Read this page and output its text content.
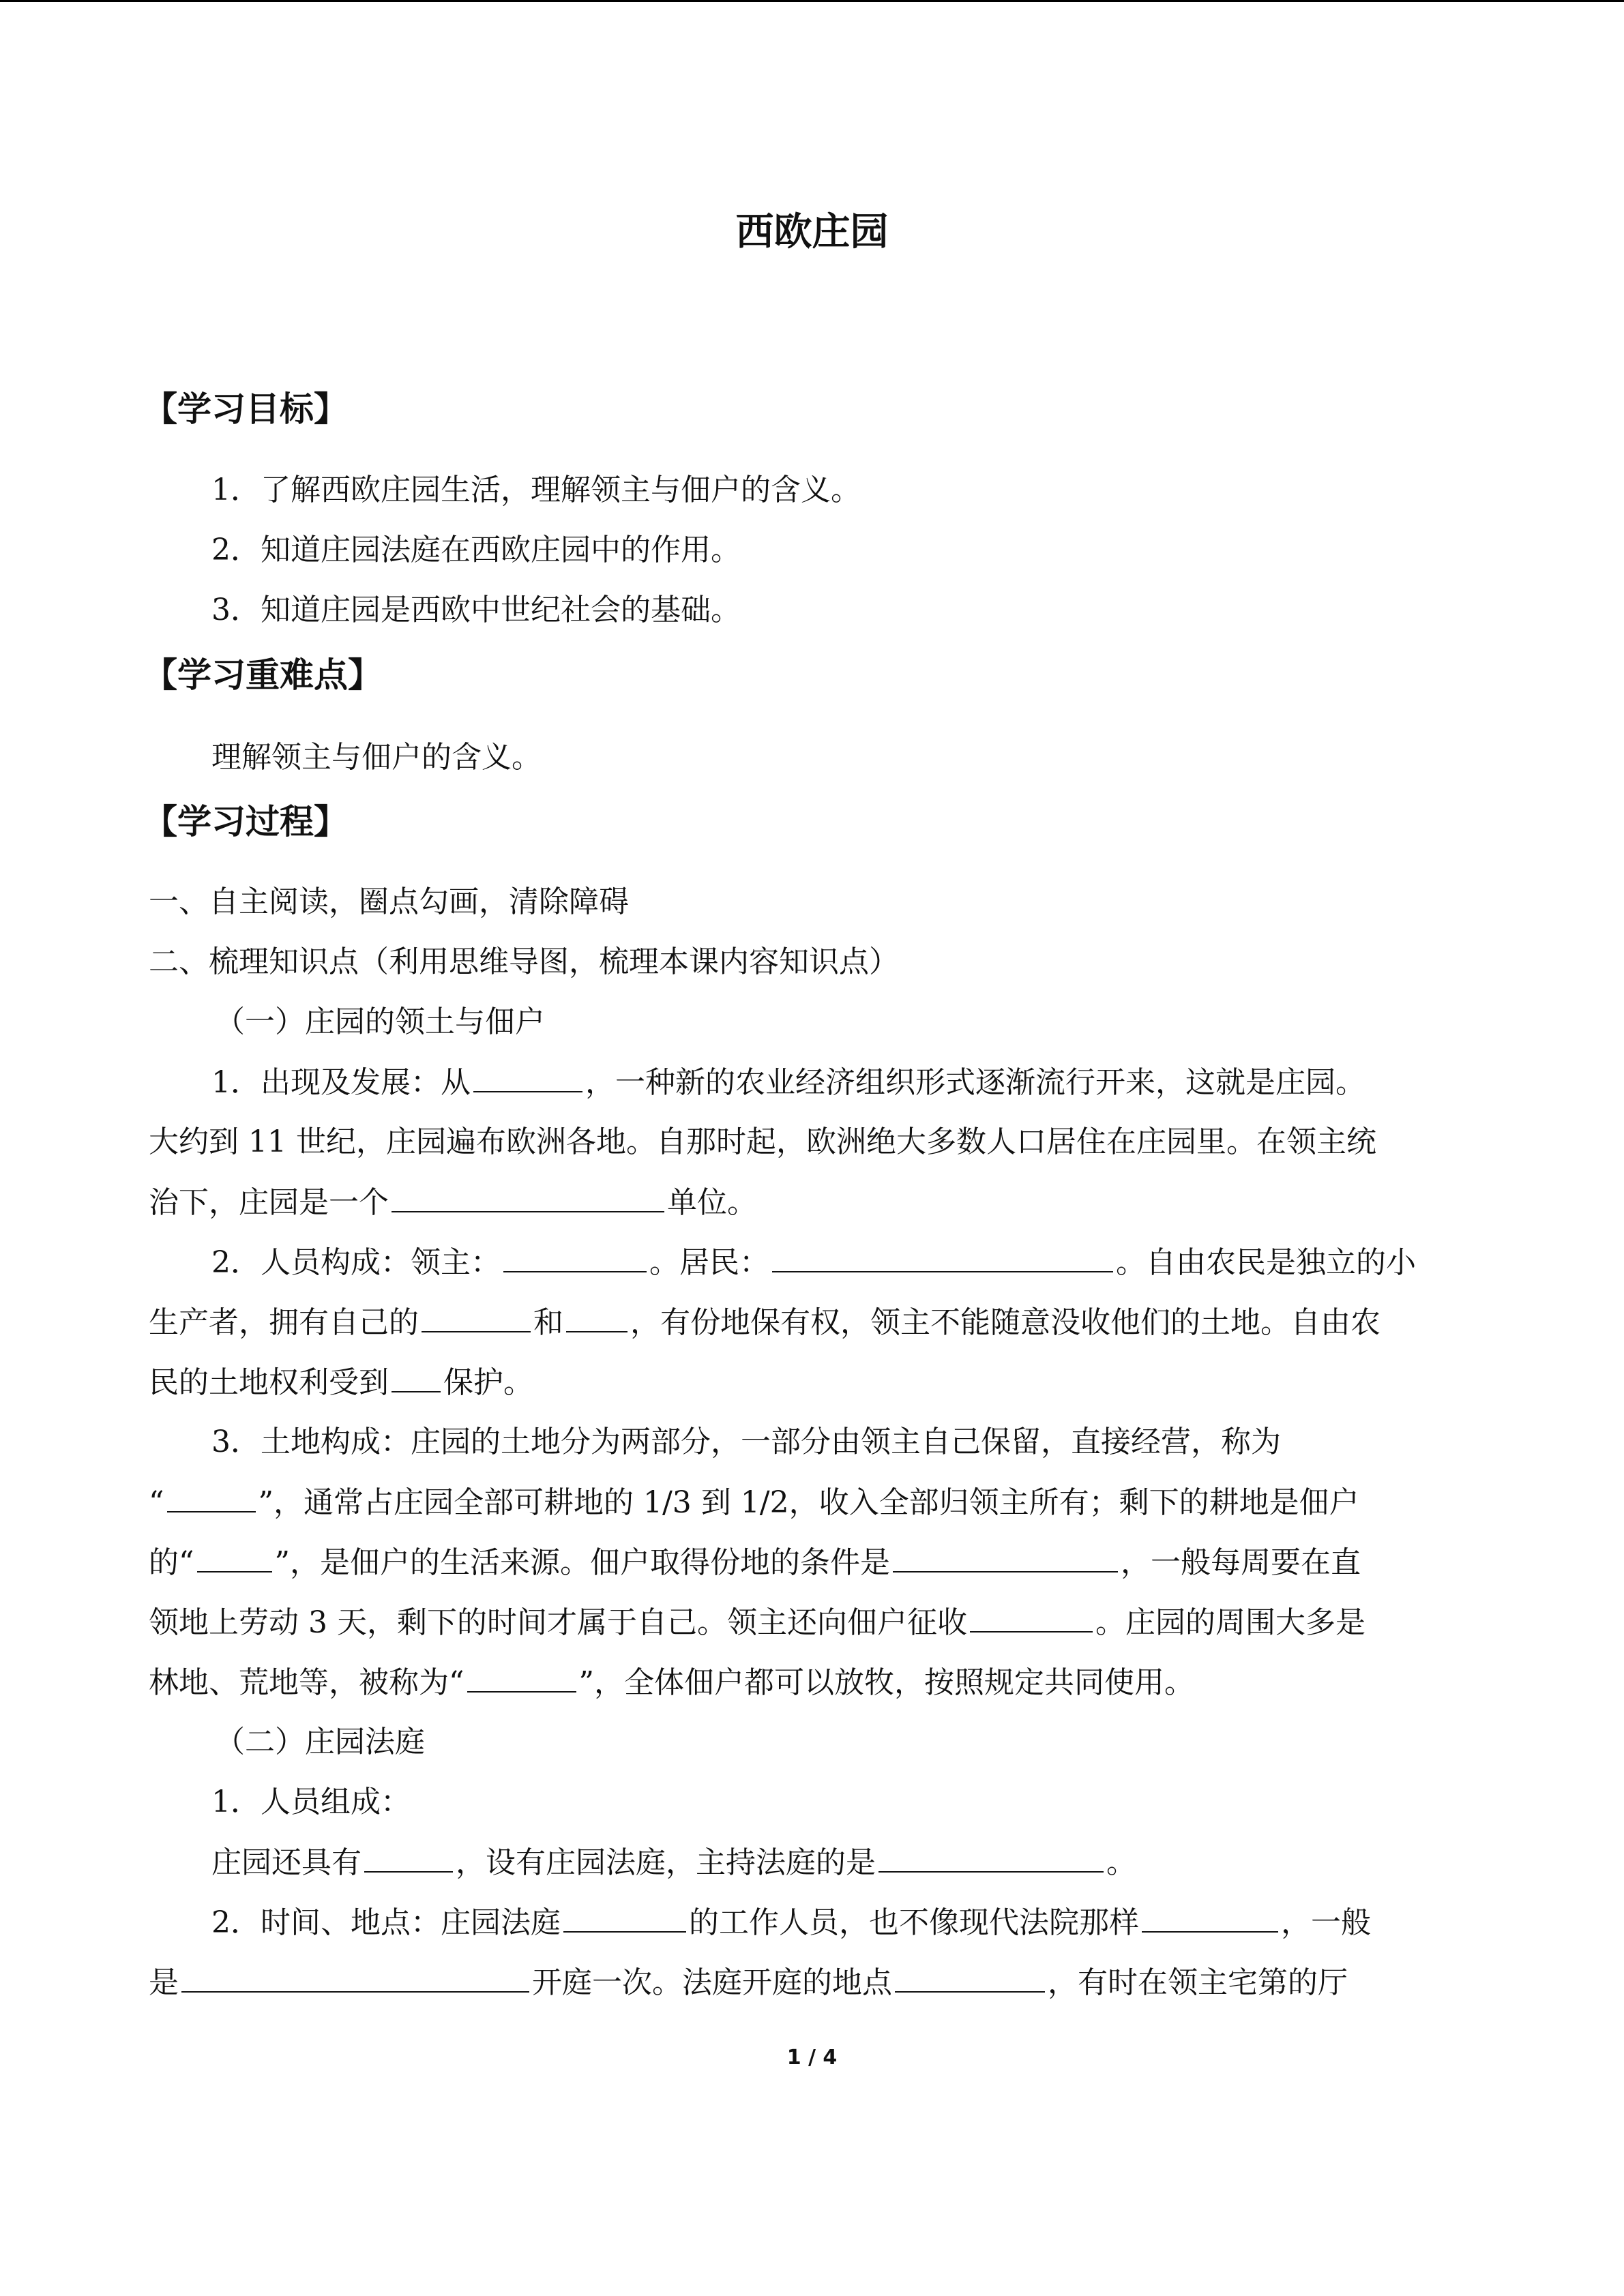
西欧庄园
【学习目标】
1．了解西欧庄园生活，理解领主与佃户的含义。
2．知道庄园法庭在西欧庄园中的作用。
3．知道庄园是西欧中世纪社会的基础。
【学习重难点】
理解领主与佃户的含义。
【学习过程】
一、自主阅读，圈点勾画，清除障碍
二、梳理知识点（利用思维导图，梳理本课内容知识点）
（一）庄园的领土与佃户
1．出现及发展：从	，一种新的农业经济组织形式逐渐流行开来，这就是庄园。
大约到 11 世纪，庄园遍布欧洲各地。自那时起，欧洲绝大多数人口居住在庄园里。在领主统
治下，庄园是一个	单位。
2．人员构成：领主：	。居民：	。自由农民是独立的小
生产者，拥有自己的	和 ，有份地保有权，领主不能随意没收他们的土地。自由农
民的土地权利受到 保护。
3．土地构成：庄园的土地分为两部分，一部分由领主自己保留，直接经营，称为
“	”，通常占庄园全部可耕地的 1/3 到 1/2，收入全部归领主所有；剩下的耕地是佃户
的“	”，是佃户的生活来源。佃户取得份地的条件是	，一般每周要在直
领地上劳动 3 天，剩下的时间才属于自己。领主还向佃户征收	。庄园的周围大多是
林地、荒地等，被称为“	”，全体佃户都可以放牧，按照规定共同使用。
（二）庄园法庭
1．人员组成：
庄园还具有	，设有庄园法庭，主持法庭的是	。
2．时间、地点：庄园法庭	的工作人员，也不像现代法院那样	，一般
是	开庭一次。法庭开庭的地点	，有时在领主宅第的厅
1 / 4
